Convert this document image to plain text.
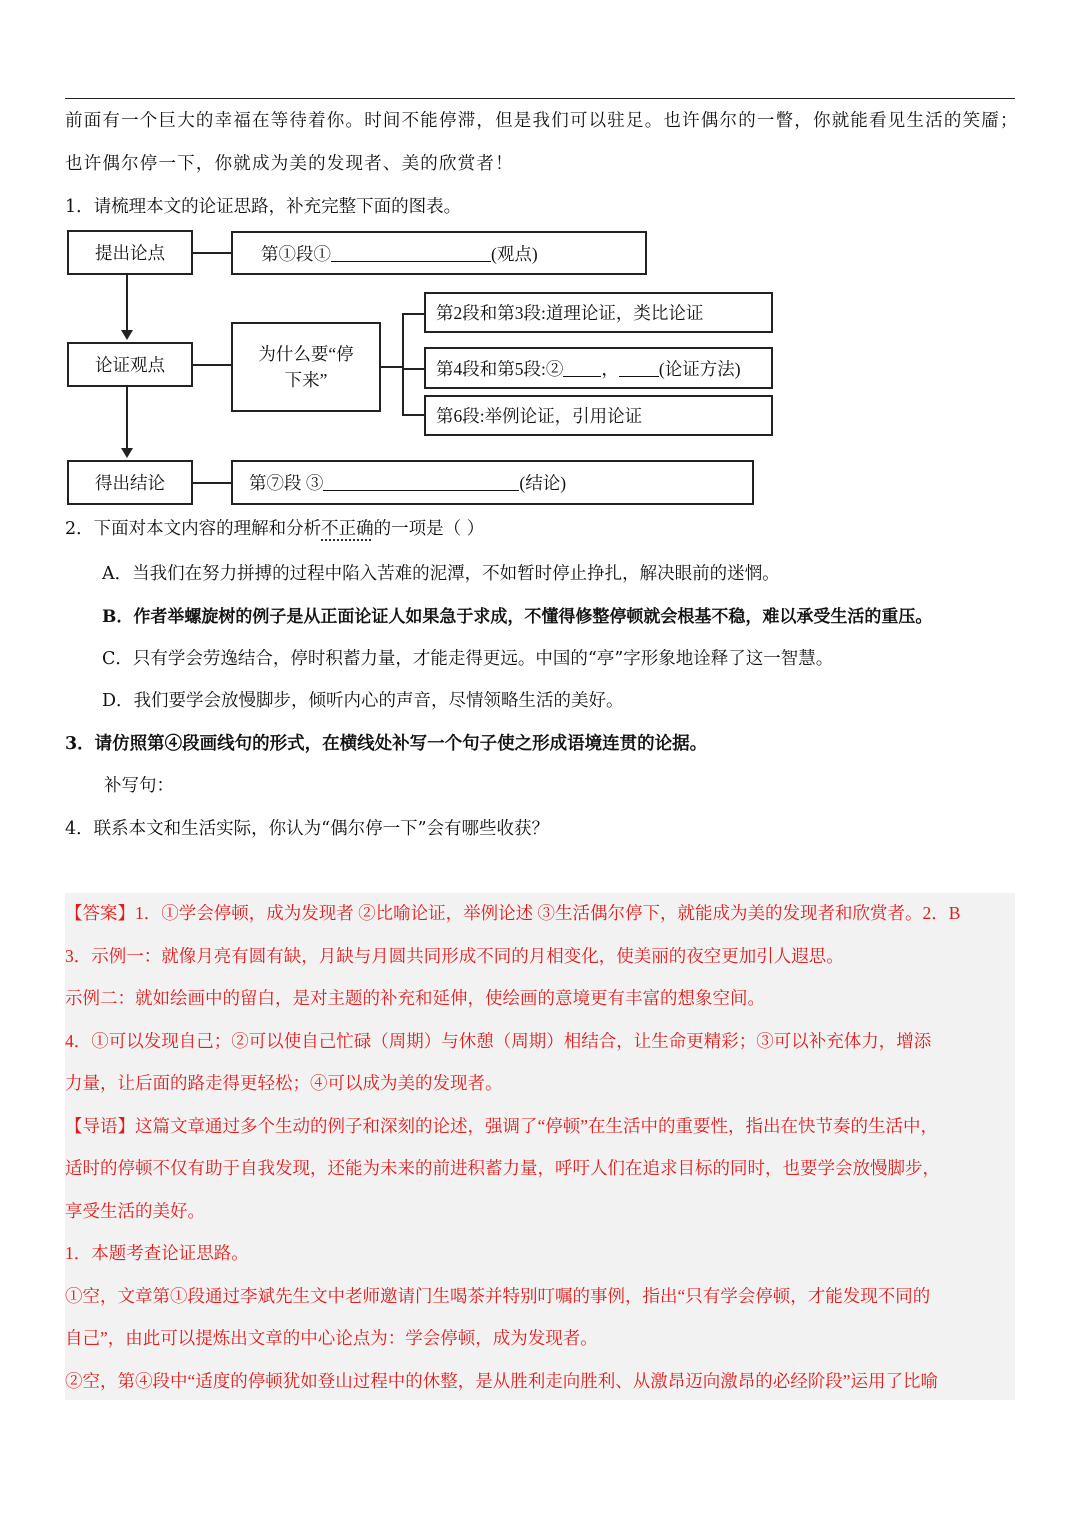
前面有一个巨大的幸福在等待着你。时间不能停滞，但是我们可以驻足。也许偶尔的一瞥，你就能看见生活的笑靥；
也许偶尔停一下，你就成为美的发现者、美的欣赏者！
1．请梳理本文的论证思路，补充完整下面的图表。
提出论点
论证观点
得出结论
第①段①	(观点)
为什么要“停
下来”
第2段和第3段:道理论证，类比论证
第4段和第5段:② ， (论证方法)
第6段:举例论证，引用论证
第⑦段 ③	(结论)
2．下面对本文内容的理解和分析不正确的一项是（ ）
A．当我们在努力拼搏的过程中陷入苦难的泥潭，不如暂时停止挣扎，解决眼前的迷惘。
B．作者举螺旋树的例子是从正面论证人如果急于求成，不懂得修整停顿就会根基不稳，难以承受生活的重压。
C．只有学会劳逸结合，停时积蓄力量，才能走得更远。中国的“亭”字形象地诠释了这一智慧。
D．我们要学会放慢脚步，倾听内心的声音，尽情领略生活的美好。
3．请仿照第④段画线句的形式，在横线处补写一个句子使之形成语境连贯的论据。
补写句：
4．联系本文和生活实际，你认为“偶尔停一下”会有哪些收获？
【答案】1．①学会停顿，成为发现者 ②比喻论证，举例论述 ③生活偶尔停下，就能成为美的发现者和欣赏者。2．B
3．示例一：就像月亮有圆有缺，月缺与月圆共同形成不同的月相变化，使美丽的夜空更加引人遐思。
示例二：就如绘画中的留白，是对主题的补充和延伸，使绘画的意境更有丰富的想象空间。
4．①可以发现自己；②可以使自己忙碌（周期）与休憩（周期）相结合，让生命更精彩；③可以补充体力，增添
力量，让后面的路走得更轻松；④可以成为美的发现者。
【导语】这篇文章通过多个生动的例子和深刻的论述，强调了“停顿”在生活中的重要性，指出在快节奏的生活中，
适时的停顿不仅有助于自我发现，还能为未来的前进积蓄力量，呼吁人们在追求目标的同时，也要学会放慢脚步，
享受生活的美好。
1．本题考查论证思路。
①空，文章第①段通过李斌先生文中老师邀请门生喝茶并特别叮嘱的事例，指出“只有学会停顿，才能发现不同的
自己”，由此可以提炼出文章的中心论点为：学会停顿，成为发现者。
②空，第④段中“适度的停顿犹如登山过程中的休整，是从胜利走向胜利、从激昂迈向激昂的必经阶段”运用了比喻
